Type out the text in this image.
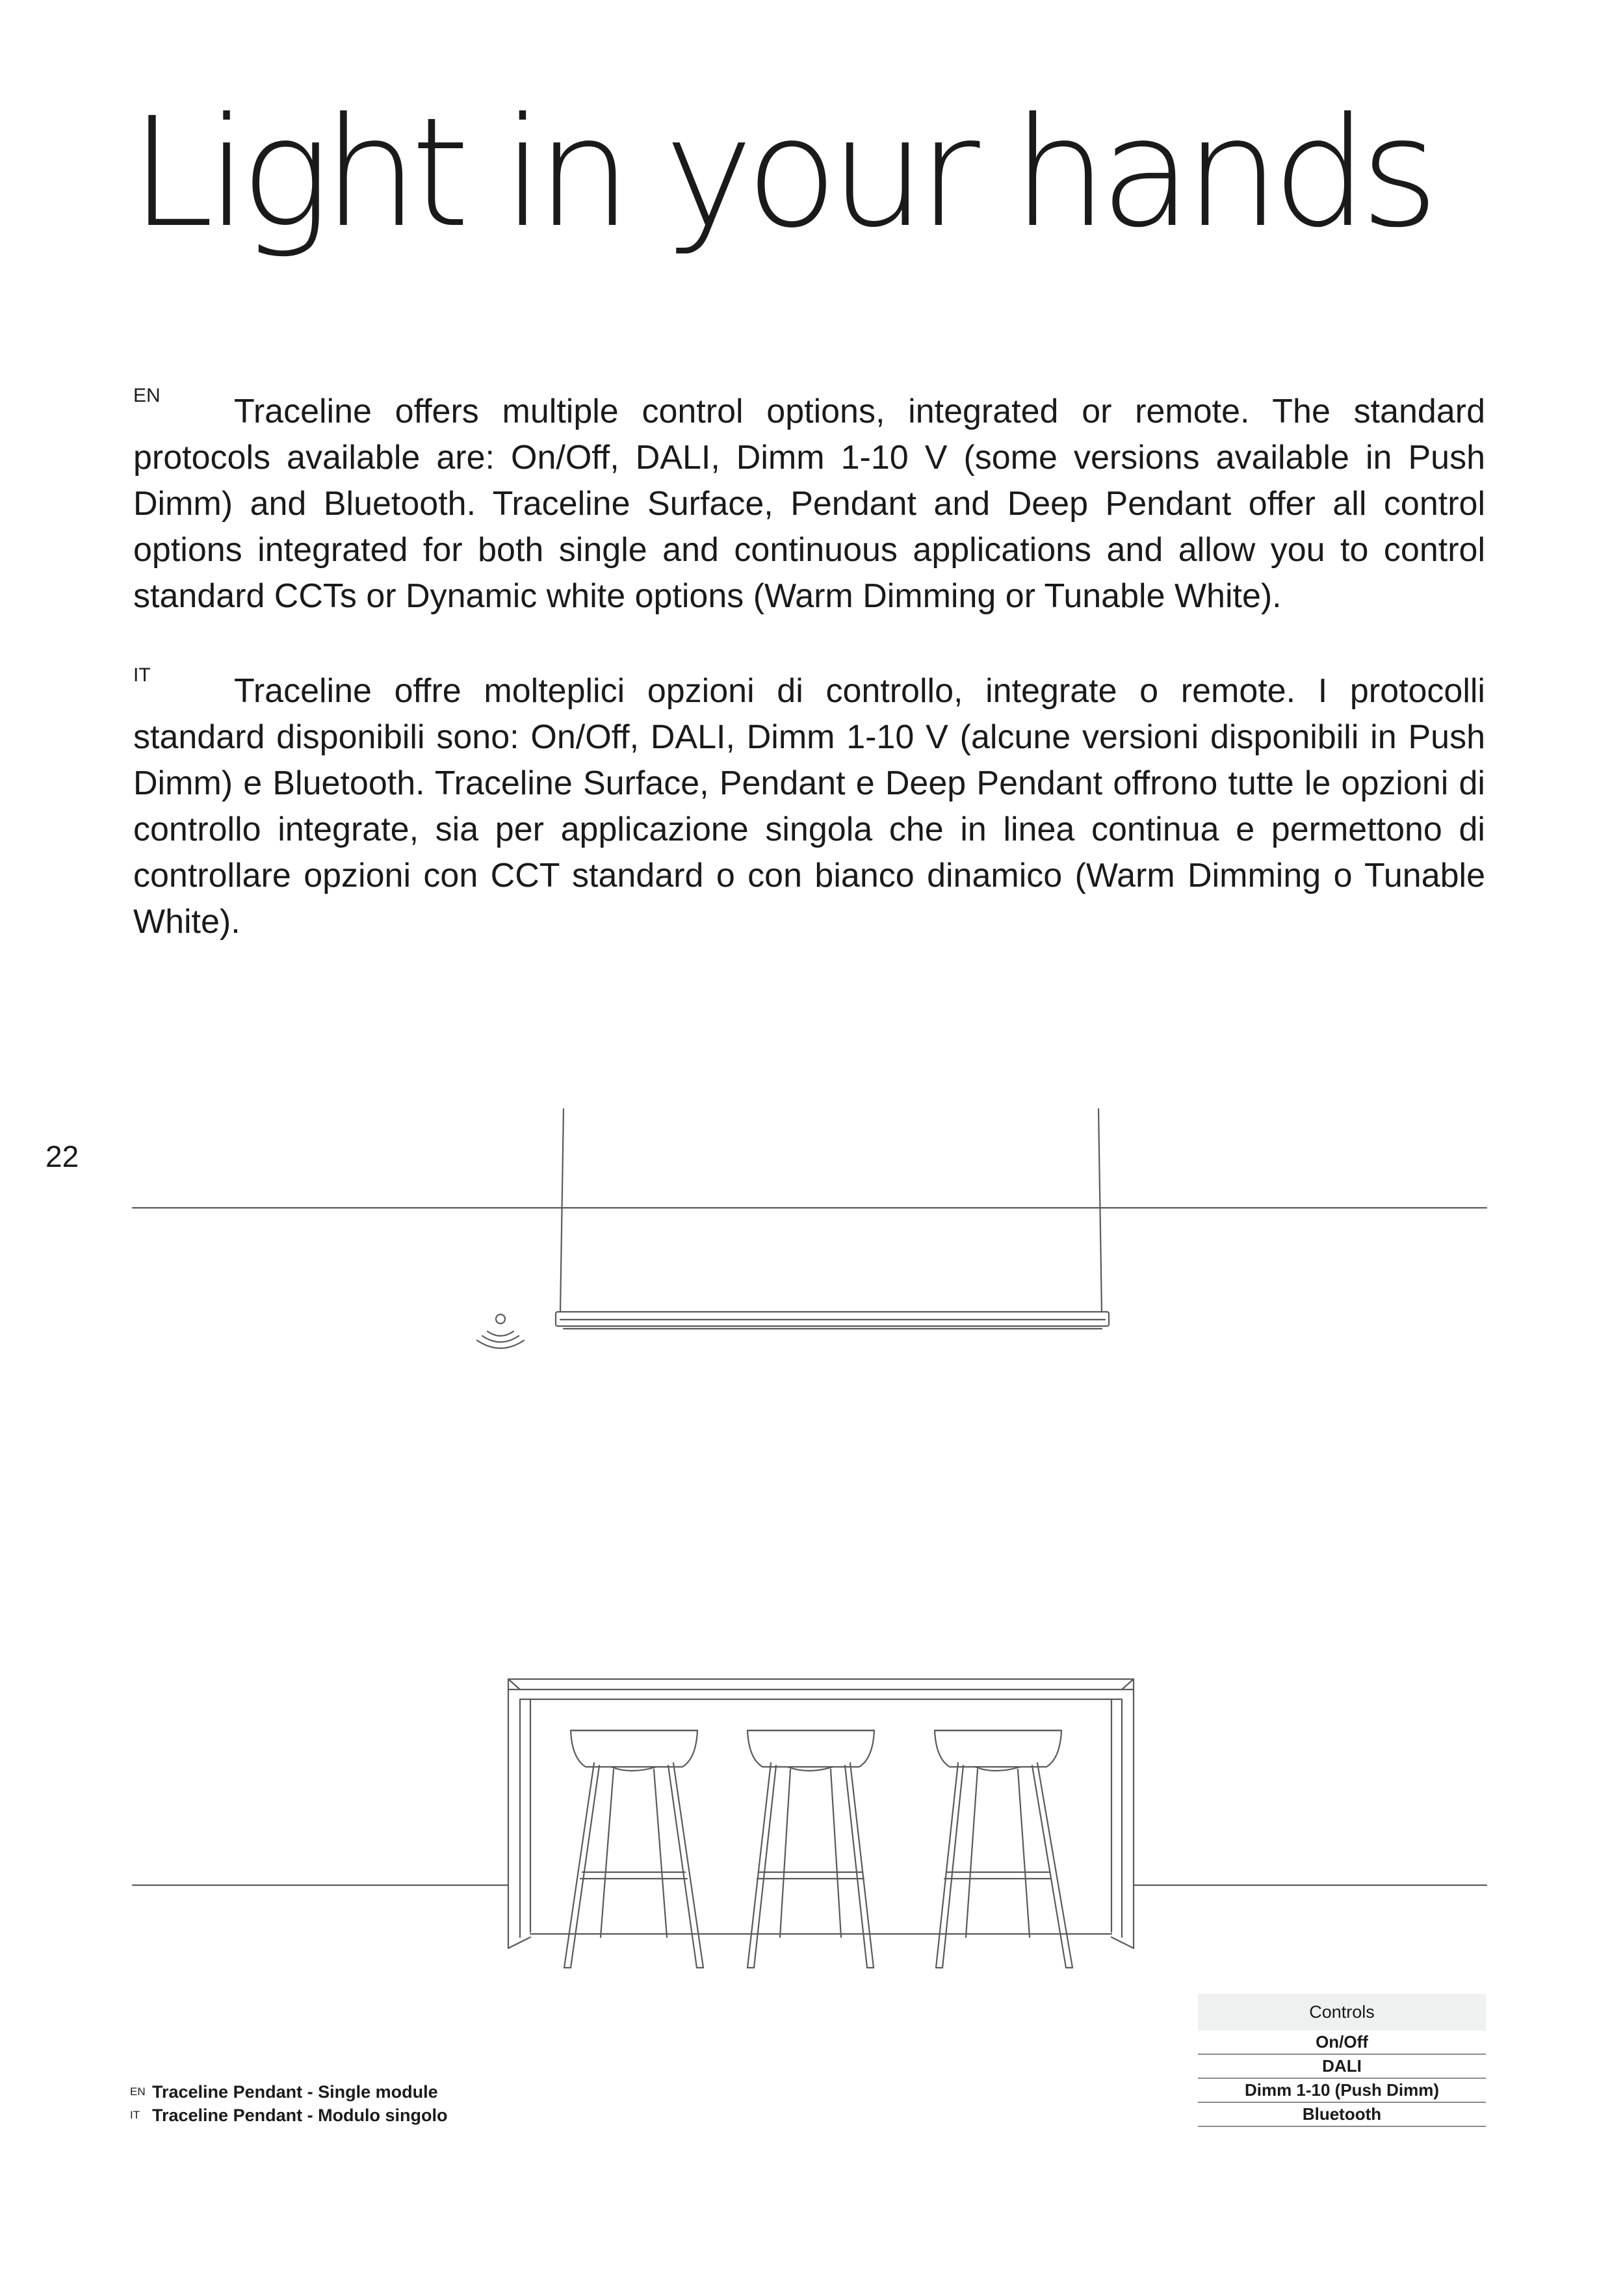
Light in your hands

EN Traceline offers multiple control options, integrated or remote. The standard protocols available are: On/Off, DALI, Dimm 1-10 V (some versions available in Push Dimm) and Bluetooth. Traceline Surface, Pendant and Deep Pendant offer all control options integrated for both single and continuous applications and allow you to control standard CCTs or Dynamic white options (Warm Dimming or Tunable White).

IT Traceline offre molteplici opzioni di controllo, integrate o remote. I protocolli standard disponibili sono: On/Off, DALI, Dimm 1-10 V (alcune versioni disponibili in Push Dimm) e Bluetooth. Traceline Surface, Pendant e Deep Pendant offrono tutte le opzioni di controllo integrate, sia per applicazione singola che in linea continua e permettono di controllare opzioni con CCT standard o con bianco dinamico (Warm Dimming o Tunable White).

22
EN Traceline Pendant - Single module
IT Traceline Pendant - Modulo singolo
Controls
On/Off
DALI
Dimm 1-10 (Push Dimm)
Bluetooth
